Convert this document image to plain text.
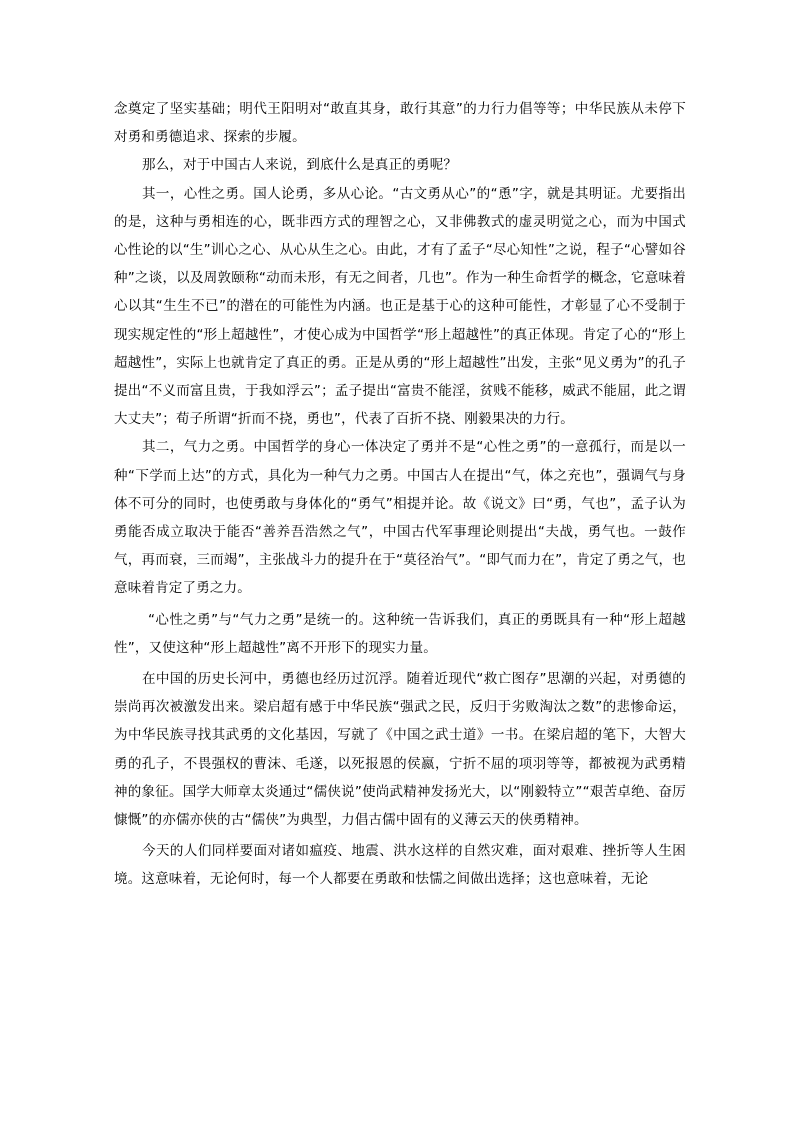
念奠定了坚实基础；明代王阳明对“敢直其身，敢行其意”的力行力倡等等；中华民族从未停下对勇和勇德追求、探索的步履。

那么，对于中国古人来说，到底什么是真正的勇呢？

其一，心性之勇。国人论勇，多从心论。“古文勇从心”的“恿”字，就是其明证。尤要指出的是，这种与勇相连的心，既非西方式的理智之心，又非佛教式的虚灵明觉之心，而为中国式心性论的以“生”训心之心、从心从生之心。由此，才有了孟子“尽心知性”之说，程子“心譬如谷种”之谈，以及周敦颐称“动而未形，有无之间者，几也”。作为一种生命哲学的概念，它意味着心以其“生生不已”的潜在的可能性为内涵。也正是基于心的这种可能性，才彰显了心不受制于现实规定性的“形上超越性”，才使心成为中国哲学“形上超越性”的真正体现。肯定了心的“形上超越性”，实际上也就肯定了真正的勇。正是从勇的“形上超越性”出发，主张“见义勇为”的孔子提出“不义而富且贵，于我如浮云”；孟子提出“富贵不能淫，贫贱不能移，威武不能屈，此之谓大丈夫”；荀子所谓“折而不挠，勇也”，代表了百折不挠、刚毅果决的力行。

其二，气力之勇。中国哲学的身心一体决定了勇并不是“心性之勇”的一意孤行，而是以一种“下学而上达”的方式，具化为一种气力之勇。中国古人在提出“气，体之充也”，强调气与身体不可分的同时，也使勇敢与身体化的“勇气”相提并论。故《说文》曰“勇，气也”，孟子认为勇能否成立取决于能否“善养吾浩然之气”，中国古代军事理论则提出“夫战，勇气也。一鼓作气，再而衰，三而竭”，主张战斗力的提升在于“莫径治气”。“即气而力在”，肯定了勇之气，也意味着肯定了勇之力。

“心性之勇”与“气力之勇”是统一的。这种统一告诉我们，真正的勇既具有一种“形上超越性”，又使这种“形上超越性”离不开形下的现实力量。

在中国的历史长河中，勇德也经历过沉浮。随着近现代“救亡图存”思潮的兴起，对勇德的崇尚再次被激发出来。梁启超有感于中华民族“强武之民，反归于劣败淘汰之数”的悲惨命运，为中华民族寻找其武勇的文化基因，写就了《中国之武士道》一书。在梁启超的笔下，大智大勇的孔子，不畏强权的曹沫、毛遂，以死报恩的侯嬴，宁折不屈的项羽等等，都被视为武勇精神的象征。国学大师章太炎通过“儒侠说”使尚武精神发扬光大，以“刚毅特立”“艰苦卓绝、奋厉慷慨”的亦儒亦侠的古“儒侠”为典型，力倡古儒中固有的义薄云天的侠勇精神。

今天的人们同样要面对诸如瘟疫、地震、洪水这样的自然灾难，面对艰难、挫折等人生困境。这意味着，无论何时，每一个人都要在勇敢和怯懦之间做出选择；这也意味着，无论
